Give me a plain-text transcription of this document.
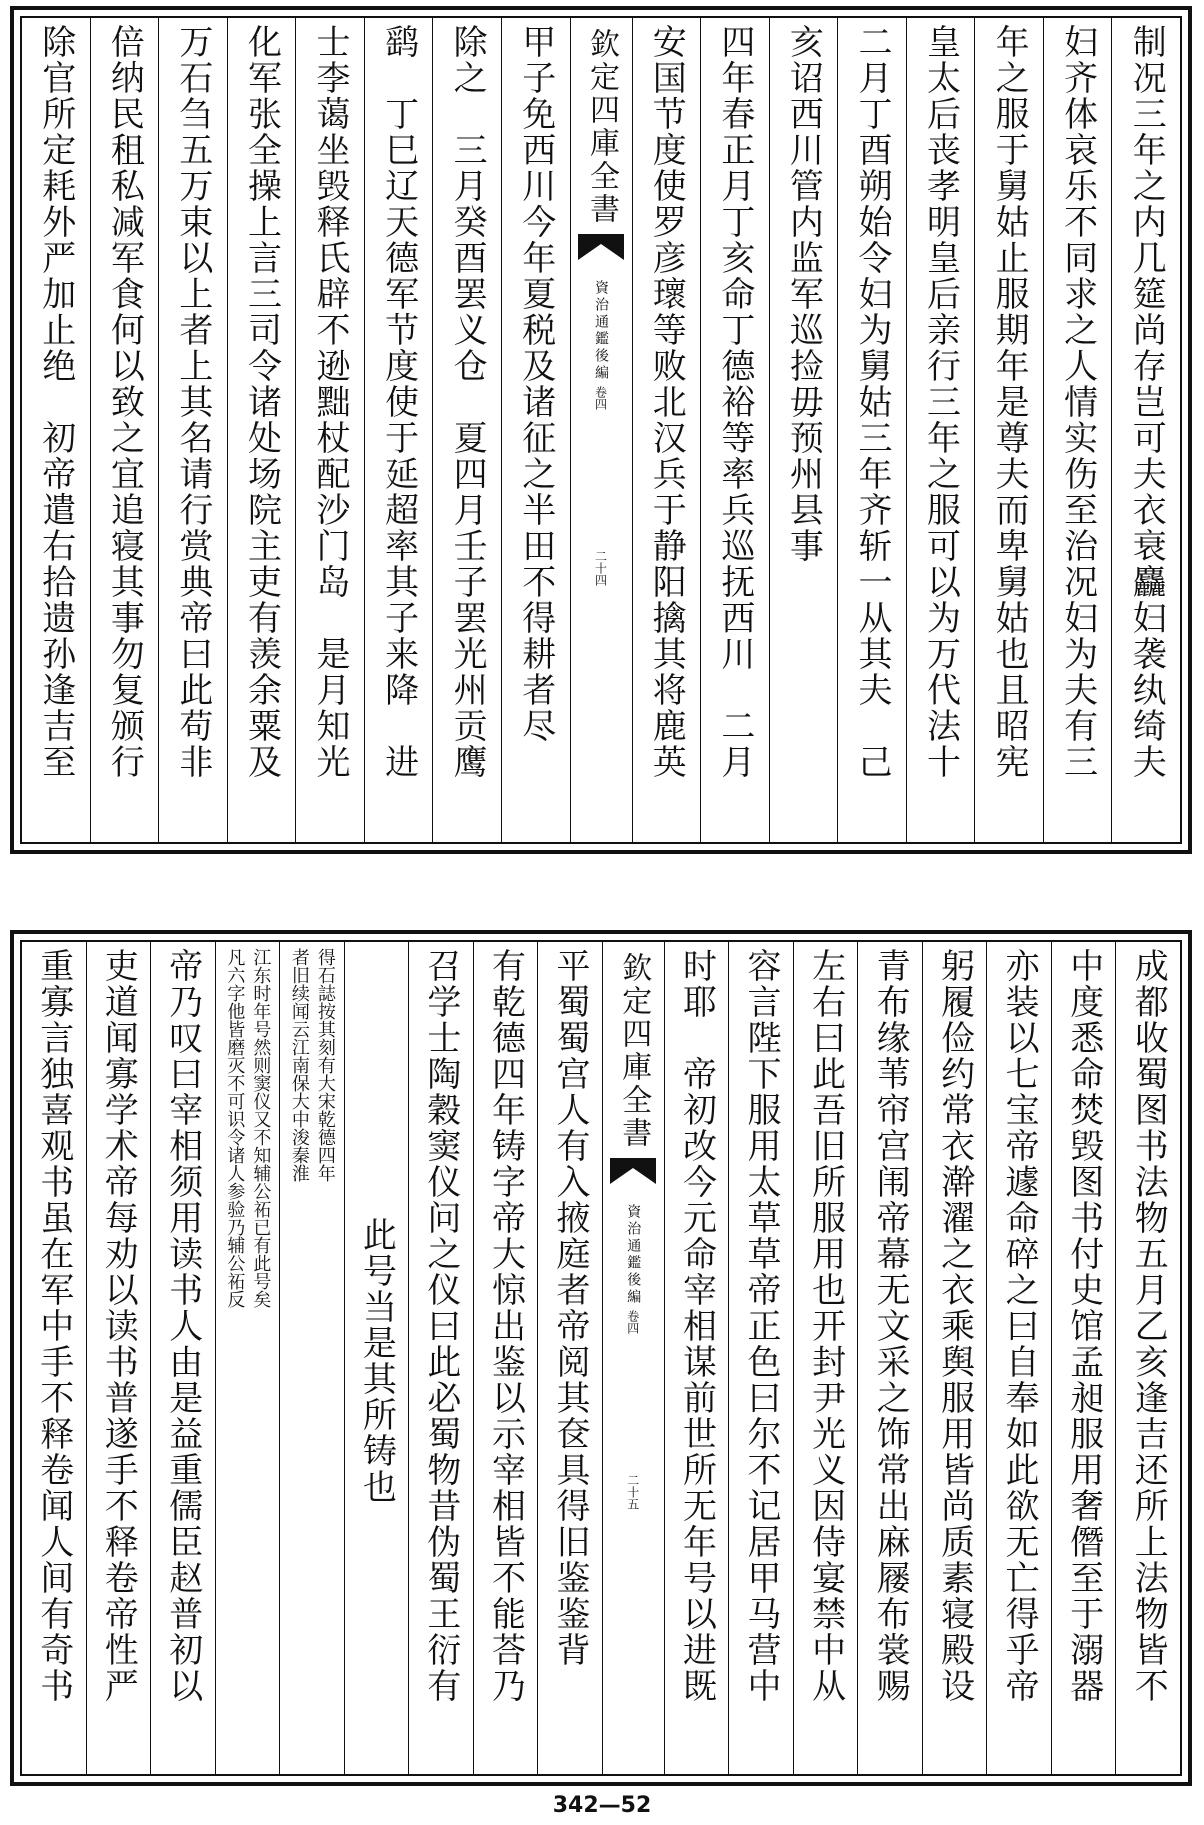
制况三年之内几筵尚存岂可夫衣衰麤妇袭纨绮夫
妇齐体哀乐不同求之人情实伤至治况妇为夫有三
年之服于舅姑止服期年是尊夫而卑舅姑也且昭宪
皇太后丧孝明皇后亲行三年之服可以为万代法十
二月丁酉朔始令妇为舅姑三年齐斩一从其夫　己
亥诏西川管内监军巡捡毋预州县事
四年春正月丁亥命丁德裕等率兵巡抚西川　二月
安国节度使罗彦瓌等败北汉兵于静阳擒其将鹿英
欽定四庫全書
資治通鑑後編
卷四
二十四
甲子免西川今年夏税及诸征之半田不得耕者尽
除之　三月癸酉罢义仓　夏四月壬子罢光州贡鹰
鹞　丁巳辽天德军节度使于延超率其子来降　进
士李蔼坐毁释氏辟不逊黜杖配沙门岛　是月知光
化军张全操上言三司令诸处场院主吏有羡余粟及
万石刍五万束以上者上其名请行赏典帝曰此苟非
倍纳民租私减军食何以致之宜追寝其事勿复颁行
除官所定耗外严加止绝　初帝遣右拾遗孙逢吉至
成都收蜀图书法物五月乙亥逢吉还所上法物皆不
中度悉命焚毁图书付史馆孟昶服用奢僭至于溺器
亦装以七宝帝遽命碎之曰自奉如此欲无亡得乎帝
躬履俭约常衣澣濯之衣乘舆服用皆尚质素寝殿设
青布缘苇帘宫闱帝幕无文采之饰常出麻屦布裳赐
左右曰此吾旧所服用也开封尹光义因侍宴禁中从
容言陛下服用太草草帝正色曰尔不记居甲马营中
时耶　帝初改今元命宰相谋前世所无年号以进既
欽定四庫全書
資治通鑑後編
卷四
二十五
平蜀蜀宫人有入掖庭者帝阅其奁具得旧鉴鉴背
有乾德四年铸字帝大惊出鉴以示宰相皆不能荅乃
召学士陶穀窦仪问之仪曰此必蜀物昔伪蜀王衍有
此号当是其所铸也
者旧续闻云江南保大中浚秦淮 得石誌按其刻有大宋乾德四年
凡六字他皆磨灭不可识令诸人参验乃辅公祏反 江东时年号然则窦仪又不知辅公祏已有此号矣
帝乃叹曰宰相须用读书人由是益重儒臣赵普初以
吏道闻寡学术帝每劝以读书普遂手不释卷帝性严
重寡言独喜观书虽在军中手不释卷闻人间有奇书
342—52
